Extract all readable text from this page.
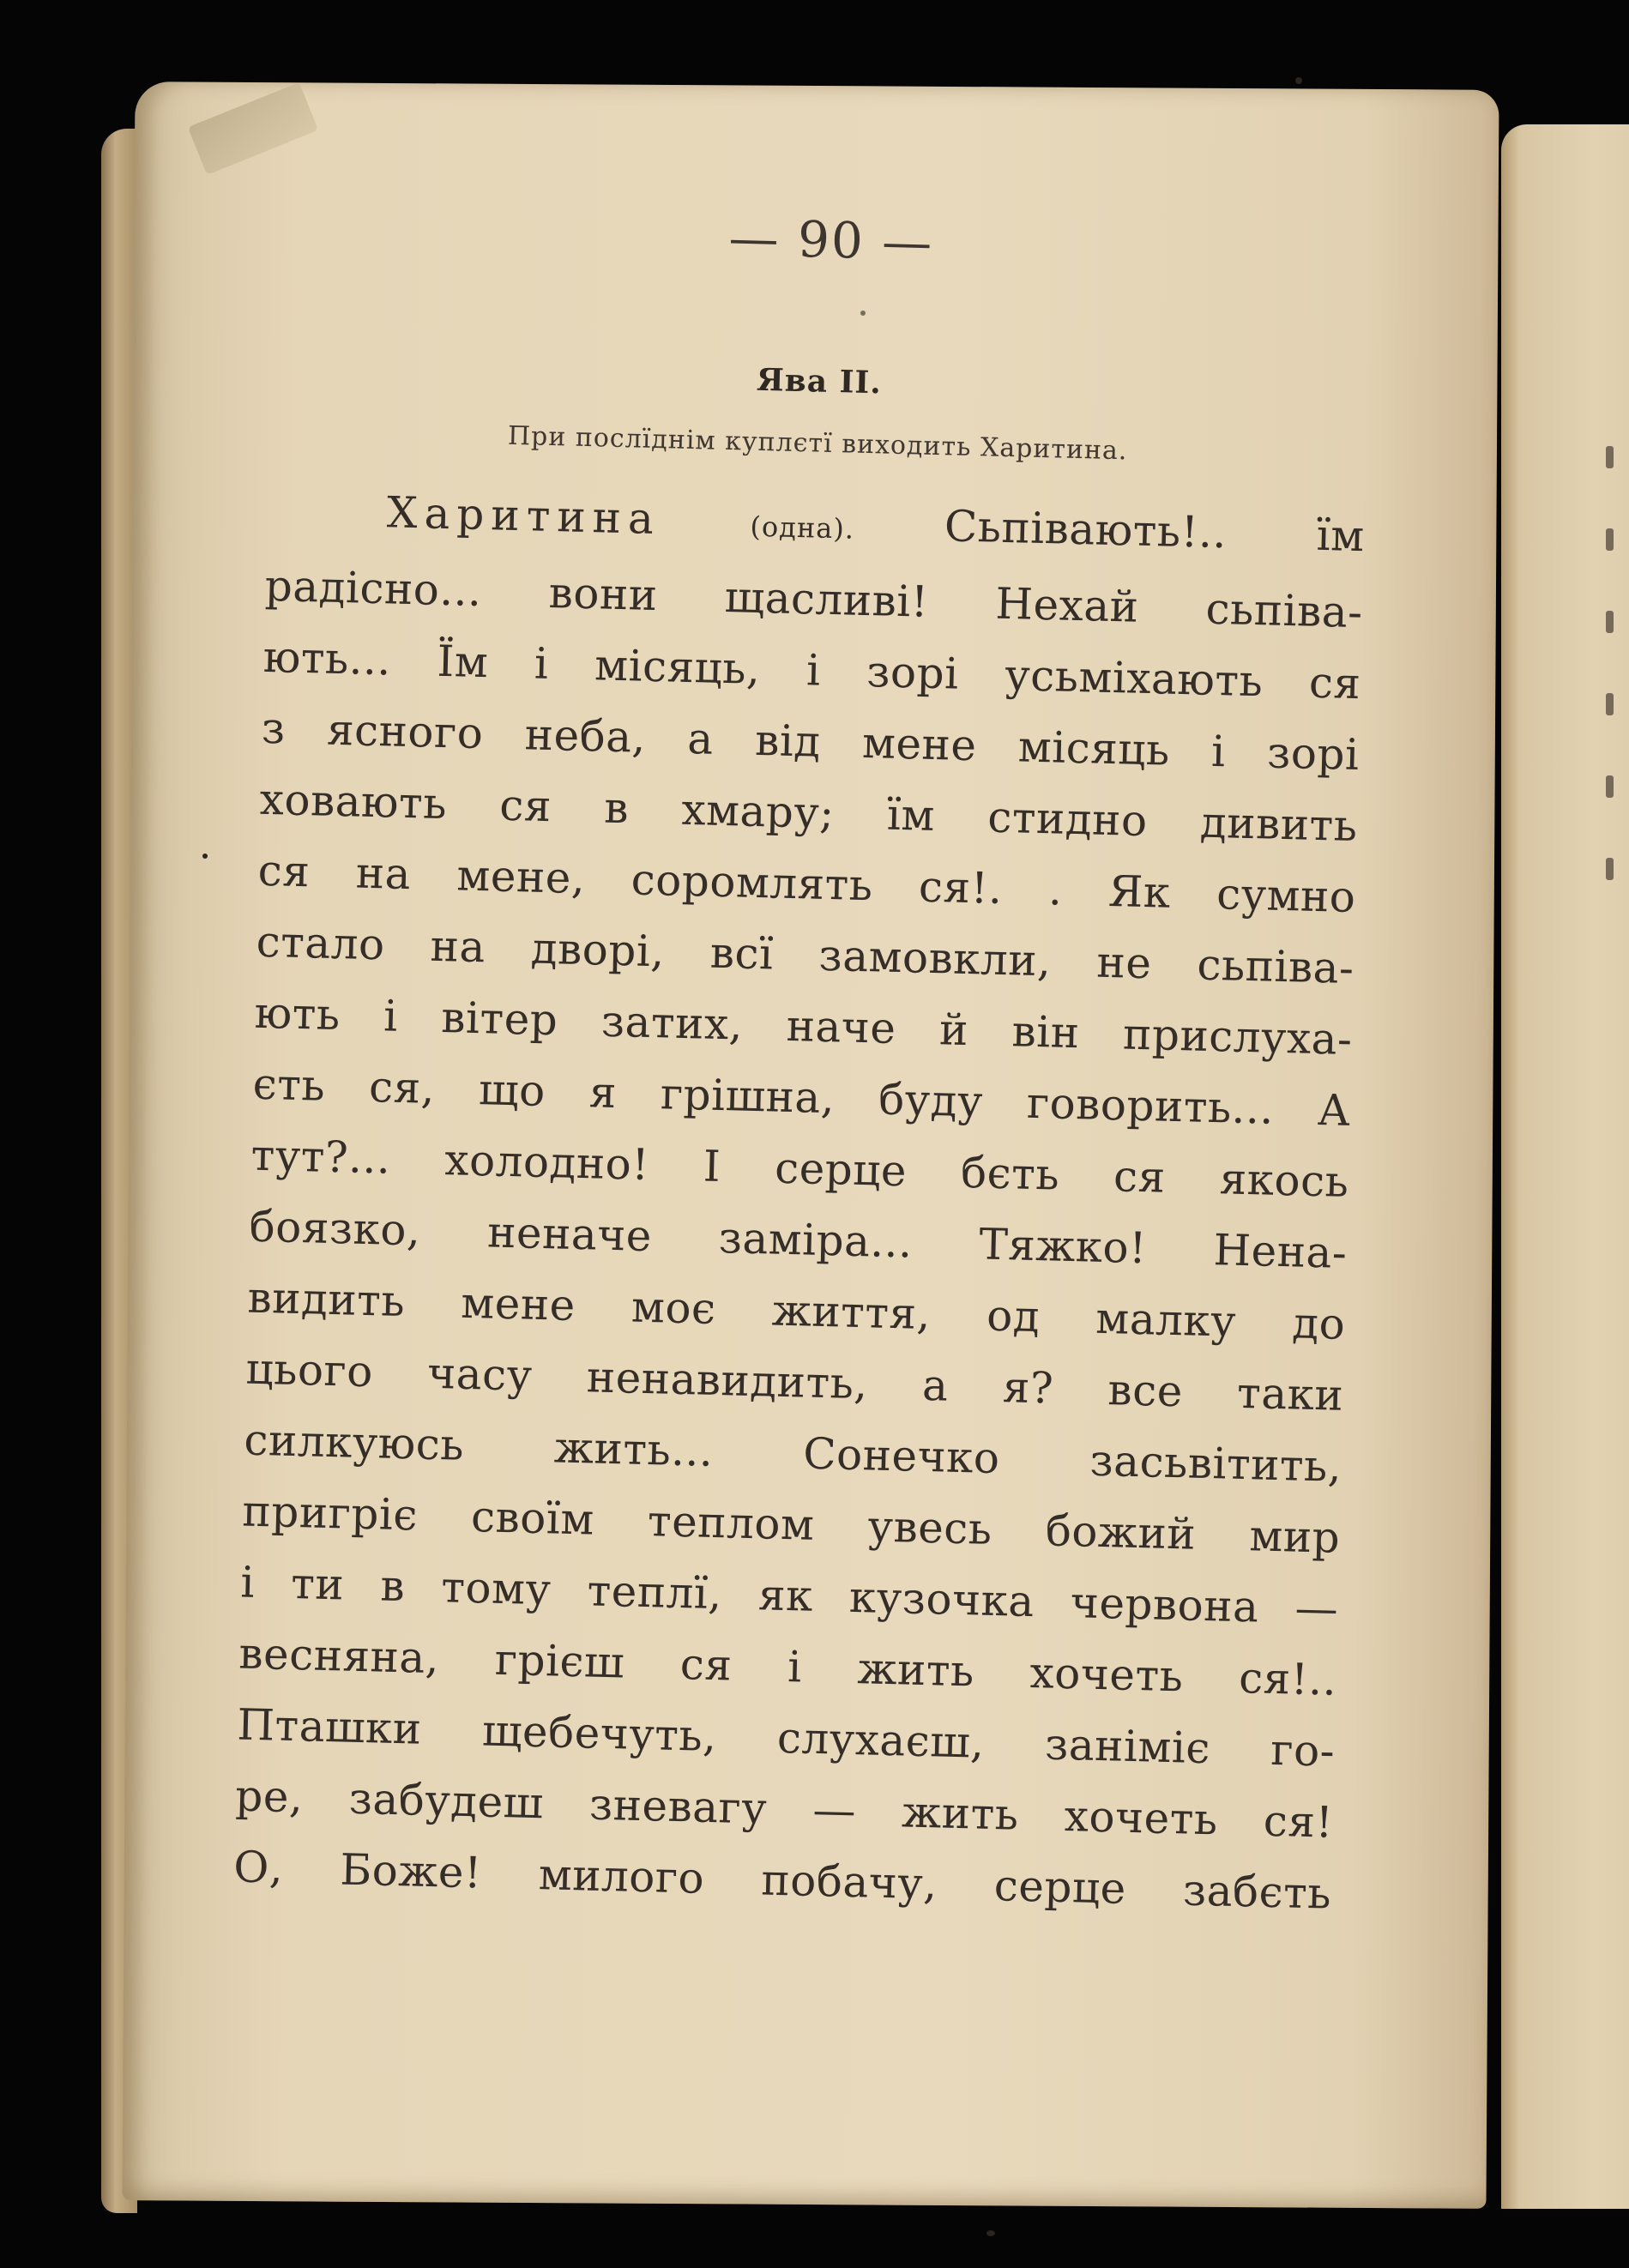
— 90 —
Ява II.
При послїднім куплєтї виходить Харитина.
Харитина	(одна). Сьпівають!.. їм
радісно... вони щасливі! Нехай сьпіва-
ють... Їм і місяць, і зорі усьміхають ся
з ясного неба, а від мене місяць і зорі
ховають ся в хмару; їм стидно дивить
ся на мене, соромлять ся!. . Як сумно
стало на дворі, всї замовкли, не сьпіва-
ють і вітер затих, наче й він прислуха-
єть ся, що я грішна, буду говорить... А
тут?... холодно! І серце бєть ся якось
боязко, неначе заміра... Тяжко! Нена-
видить мене моє життя, од малку до
цього часу ненавидить, а я? все таки
силкуюсь жить... Сонечко засьвітить,
пригріє своїм теплом увесь божий мир
і ти в тому теплї, як кузочка червона —
весняна, грієш ся і жить хочеть ся!..
Пташки щебечуть, слухаєш, заніміє го-
ре, забудеш зневагу — жить хочеть ся!
О, Боже! милого побачу, серце забєть
